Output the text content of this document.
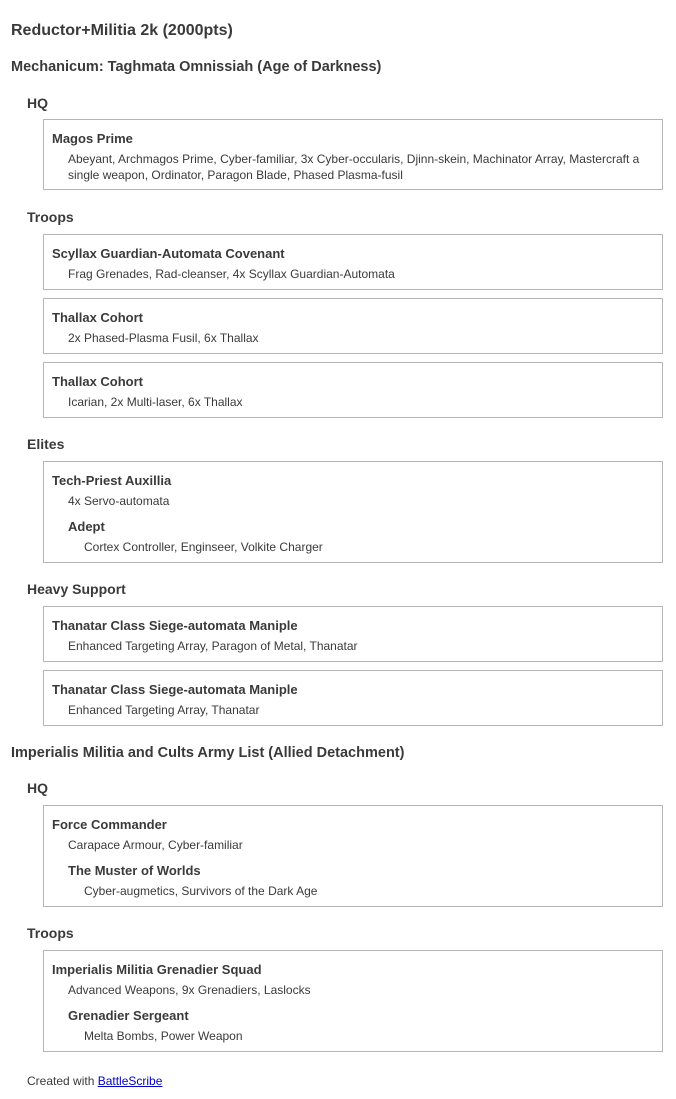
Reductor+Militia 2k (2000pts)
Mechanicum: Taghmata Omnissiah (Age of Darkness)
HQ
Magos Prime
Abeyant, Archmagos Prime, Cyber-familiar, 3x Cyber-occularis, Djinn-skein, Machinator Array, Mastercraft a single weapon, Ordinator, Paragon Blade, Phased Plasma-fusil
Troops
Scyllax Guardian-Automata Covenant
Frag Grenades, Rad-cleanser, 4x Scyllax Guardian-Automata
Thallax Cohort
2x Phased-Plasma Fusil, 6x Thallax
Thallax Cohort
Icarian, 2x Multi-laser, 6x Thallax
Elites
Tech-Priest Auxillia
4x Servo-automata
Adept
Cortex Controller, Enginseer, Volkite Charger
Heavy Support
Thanatar Class Siege-automata Maniple
Enhanced Targeting Array, Paragon of Metal, Thanatar
Thanatar Class Siege-automata Maniple
Enhanced Targeting Array, Thanatar
Imperialis Militia and Cults Army List (Allied Detachment)
HQ
Force Commander
Carapace Armour, Cyber-familiar
The Muster of Worlds
Cyber-augmetics, Survivors of the Dark Age
Troops
Imperialis Militia Grenadier Squad
Advanced Weapons, 9x Grenadiers, Laslocks
Grenadier Sergeant
Melta Bombs, Power Weapon
Created with BattleScribe
